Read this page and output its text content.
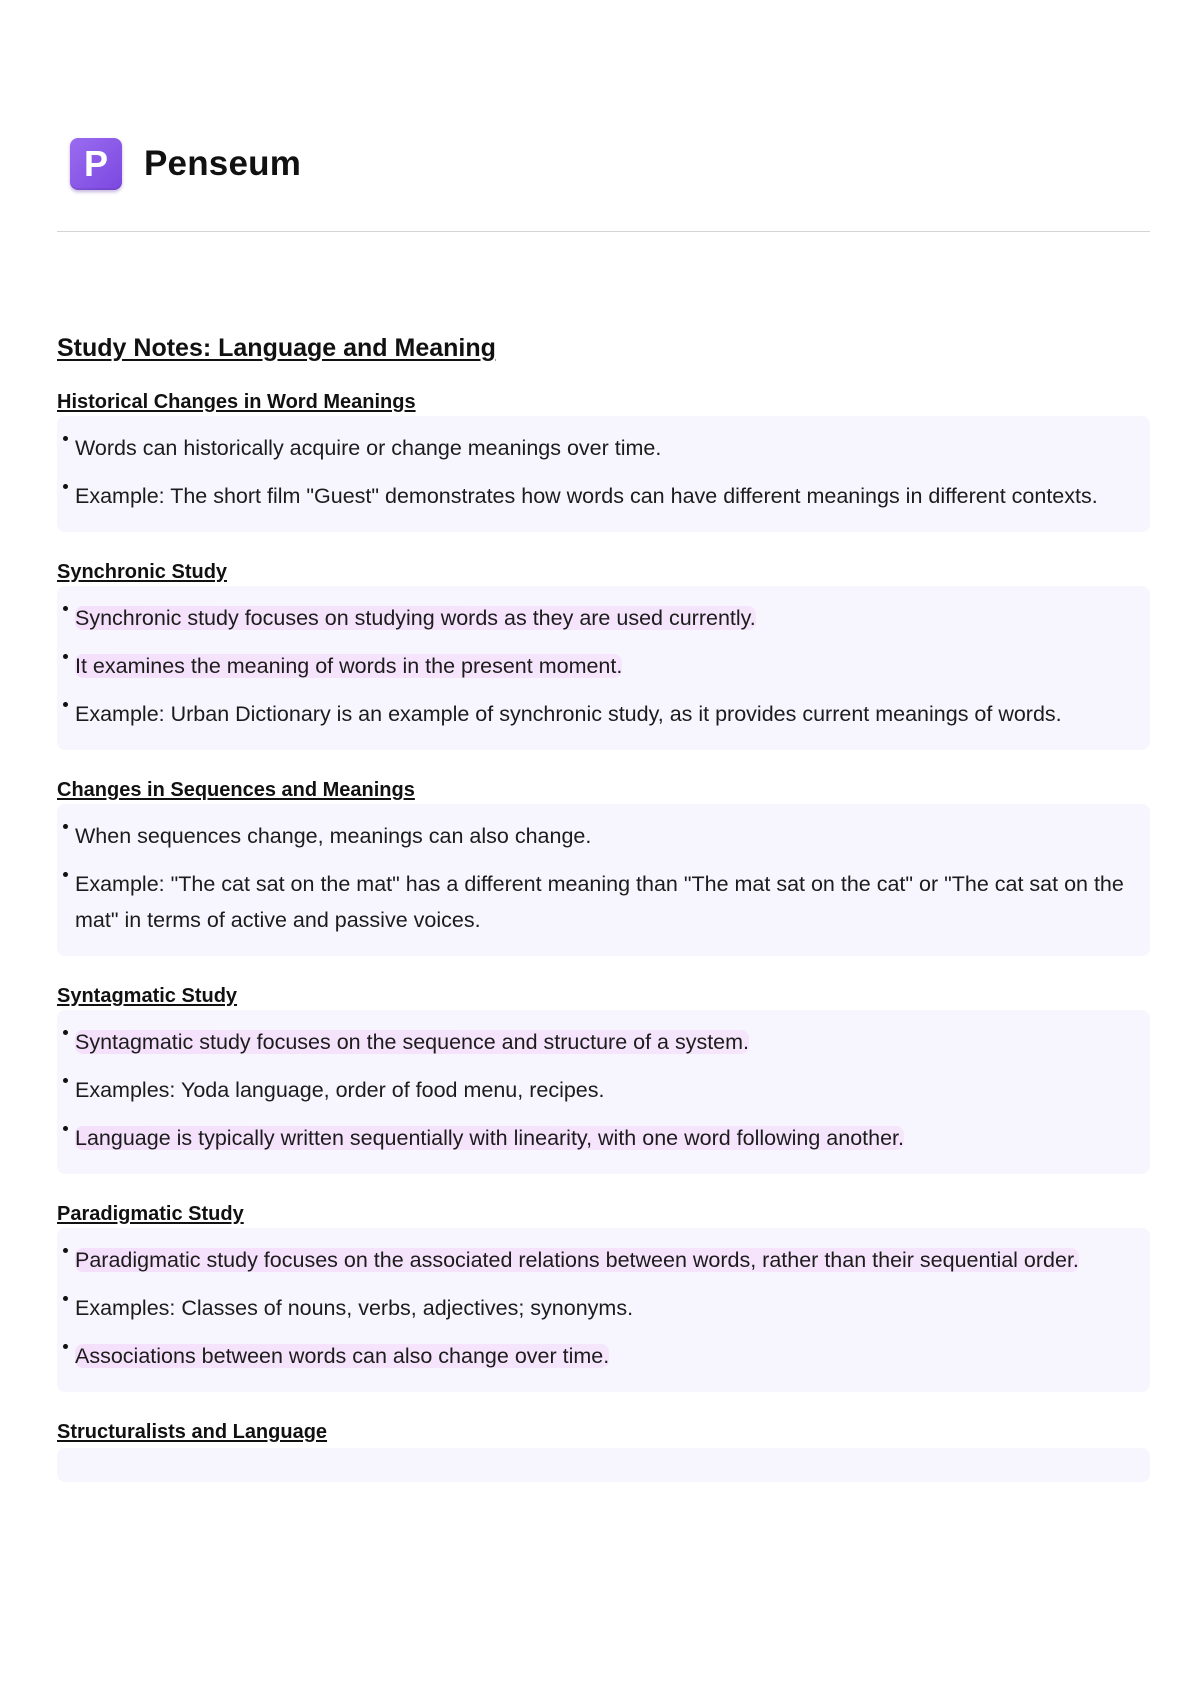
P	Penseum
Study Notes: Language and Meaning
Historical Changes in Word Meanings
Words can historically acquire or change meanings over time.
Example: The short film "Guest" demonstrates how words can have different meanings in different contexts.
Synchronic Study
Synchronic study focuses on studying words as they are used currently.
It examines the meaning of words in the present moment.
Example: Urban Dictionary is an example of synchronic study, as it provides current meanings of words.
Changes in Sequences and Meanings
When sequences change, meanings can also change.
Example: "The cat sat on the mat" has a different meaning than "The mat sat on the cat" or "The cat sat on the mat" in terms of active and passive voices.
Syntagmatic Study
Syntagmatic study focuses on the sequence and structure of a system.
Examples: Yoda language, order of food menu, recipes.
Language is typically written sequentially with linearity, with one word following another.
Paradigmatic Study
Paradigmatic study focuses on the associated relations between words, rather than their sequential order.
Examples: Classes of nouns, verbs, adjectives; synonyms.
Associations between words can also change over time.
Structuralists and Language
